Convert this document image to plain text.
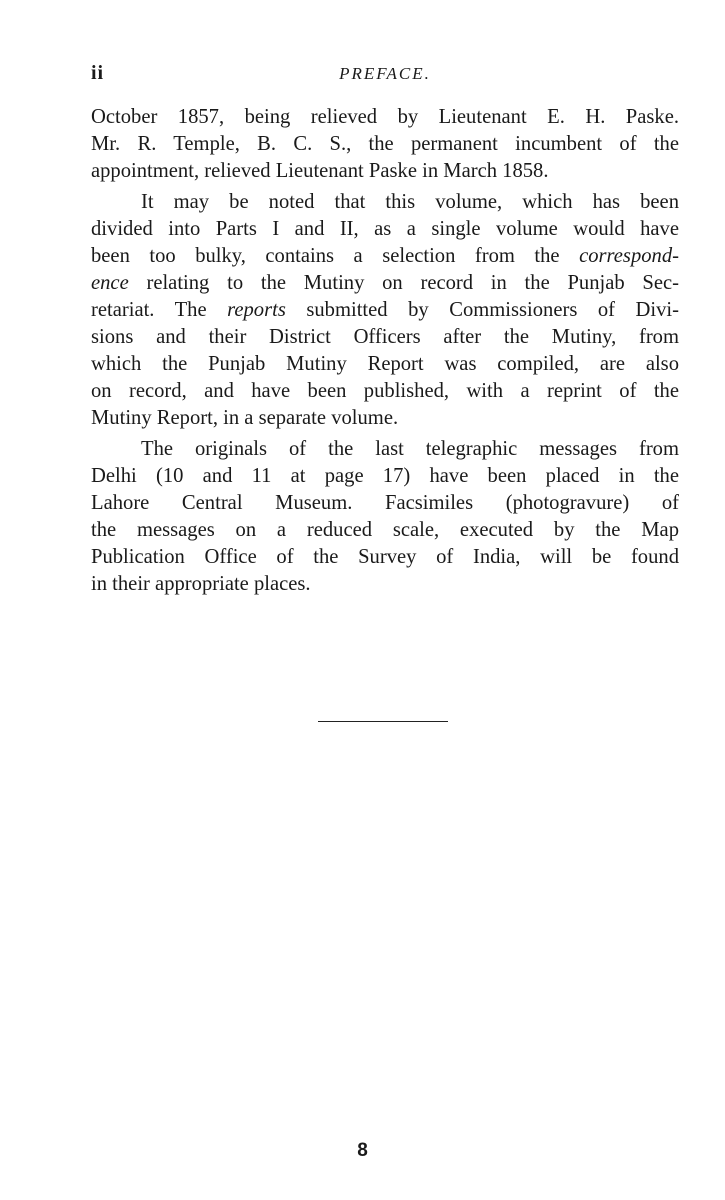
ii	PREFACE.
October 1857, being relieved by Lieutenant E. H. Paske.
Mr. R. Temple, B. C. S., the permanent incumbent of the
appointment, relieved Lieutenant Paske in March 1858.
It may be noted that this volume, which has been
divided into Parts I and II, as a single volume would have
been too bulky, contains a selection from the correspond-
ence relating to the Mutiny on record in the Punjab Sec-
retariat. The reports submitted by Commissioners of Divi-
sions and their District Officers after the Mutiny, from
which the Punjab Mutiny Report was compiled, are also
on record, and have been published, with a reprint of the
Mutiny Report, in a separate volume.
The originals of the last telegraphic messages from
Delhi (10 and 11 at page 17) have been placed in the
Lahore Central Museum. Facsimiles (photogravure) of
the messages on a reduced scale, executed by the Map
Publication Office of the Survey of India, will be found
in their appropriate places.
8
